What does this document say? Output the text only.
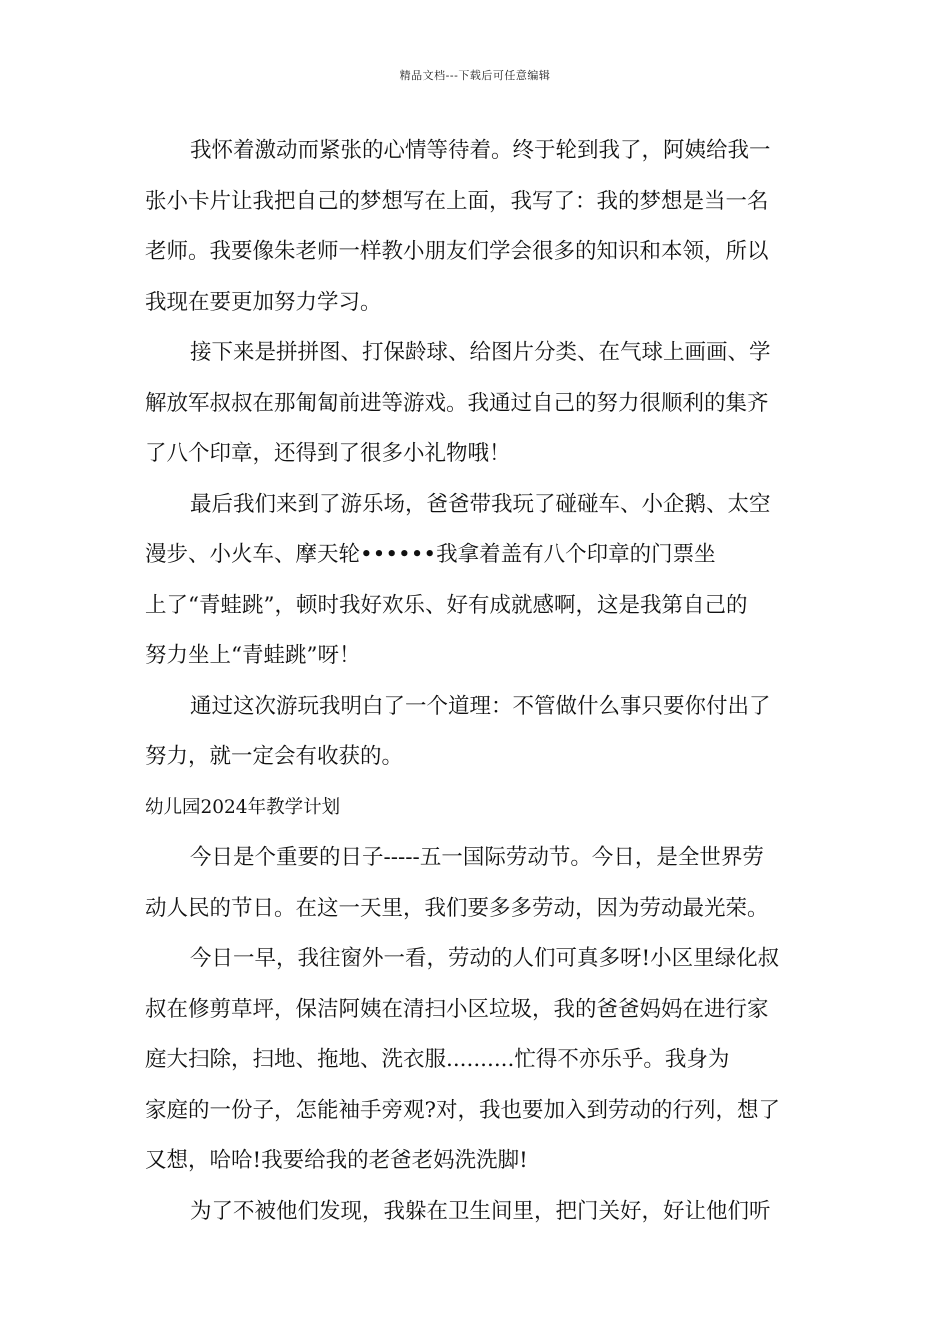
精品文档---下载后可任意编辑
我怀着激动而紧张的心情等待着。终于轮到我了，阿姨给我一
张小卡片让我把自己的梦想写在上面，我写了：我的梦想是当一名
老师。我要像朱老师一样教小朋友们学会很多的知识和本领，所以
我现在要更加努力学习。
接下来是拼拼图、打保龄球、给图片分类、在气球上画画、学
解放军叔叔在那匍匐前进等游戏。我通过自己的努力很顺利的集齐
了八个印章，还得到了很多小礼物哦！
最后我们来到了游乐场，爸爸带我玩了碰碰车、小企鹅、太空
漫步、小火车、摩天轮••••••我拿着盖有八个印章的门票坐
上了“青蛙跳”，顿时我好欢乐、好有成就感啊，这是我第自己的
努力坐上“青蛙跳”呀！
通过这次游玩我明白了一个道理：不管做什么事只要你付出了
努力，就一定会有收获的。
幼儿园2024年教学计划
今日是个重要的日子-----五一国际劳动节。今日，是全世界劳
动人民的节日。在这一天里，我们要多多劳动，因为劳动最光荣。
今日一早，我往窗外一看，劳动的人们可真多呀!小区里绿化叔
叔在修剪草坪，保洁阿姨在清扫小区垃圾，我的爸爸妈妈在进行家
庭大扫除，扫地、拖地、洗衣服..........忙得不亦乐乎。我身为
家庭的一份子，怎能袖手旁观?对，我也要加入到劳动的行列，想了
又想，哈哈!我要给我的老爸老妈洗洗脚!
为了不被他们发现，我躲在卫生间里，把门关好，好让他们听
